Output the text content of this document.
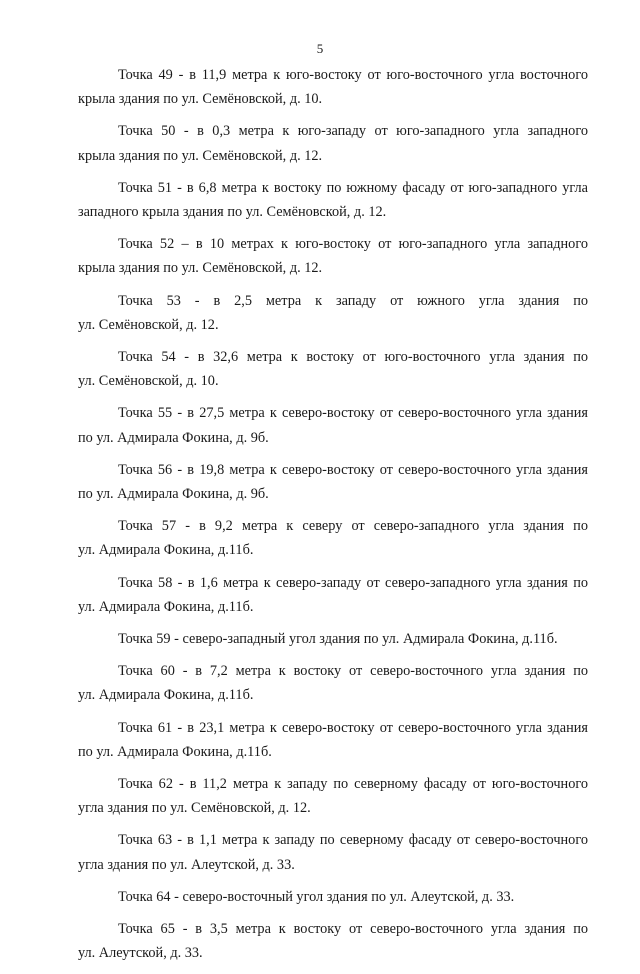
5

Точка 49 - в 11,9 метра к юго-востоку от юго-восточного угла восточного
крыла здания по ул. Семёновской, д. 10.

Точка 50 - в 0,3 метра к юго-западу от юго-западного угла западного
крыла здания по ул. Семёновской, д. 12.

Точка 51 - в 6,8 метра к востоку по южному фасаду от юго-западного угла
западного крыла здания по ул. Семёновской, д. 12.

Точка 52 – в 10 метрах к юго-востоку от юго-западного угла западного
крыла здания по ул. Семёновской, д. 12.

Точка 53 - в 2,5 метра к западу от южного угла здания по
ул. Семёновской, д. 12.

Точка 54 - в 32,6 метра к востоку от юго-восточного угла здания по
ул. Семёновской, д. 10.

Точка 55 - в 27,5 метра к северо-востоку от северо-восточного угла здания
по ул. Адмирала Фокина, д. 9б.

Точка 56 - в 19,8 метра к северо-востоку от северо-восточного угла здания
по ул. Адмирала Фокина, д. 9б.

Точка 57 - в 9,2 метра к северу от северо-западного угла здания по
ул. Адмирала Фокина, д.11б.

Точка 58 - в 1,6 метра к северо-западу от северо-западного угла здания по
ул. Адмирала Фокина, д.11б.

Точка 59 - северо-западный угол здания по ул. Адмирала Фокина, д.11б.

Точка 60 - в 7,2 метра к востоку от северо-восточного угла здания по
ул. Адмирала Фокина, д.11б.

Точка 61 - в 23,1 метра к северо-востоку от северо-восточного угла здания
по ул. Адмирала Фокина, д.11б.

Точка 62 - в 11,2 метра к западу по северному фасаду от юго-восточного
угла здания по ул. Семёновской, д. 12.

Точка 63 - в 1,1 метра к западу по северному фасаду от северо-восточного
угла здания по ул. Алеутской, д. 33.

Точка 64 - северо-восточный угол здания по ул. Алеутской, д. 33.

Точка 65 - в 3,5 метра к востоку от северо-восточного угла здания по
ул. Алеутской, д. 33.
